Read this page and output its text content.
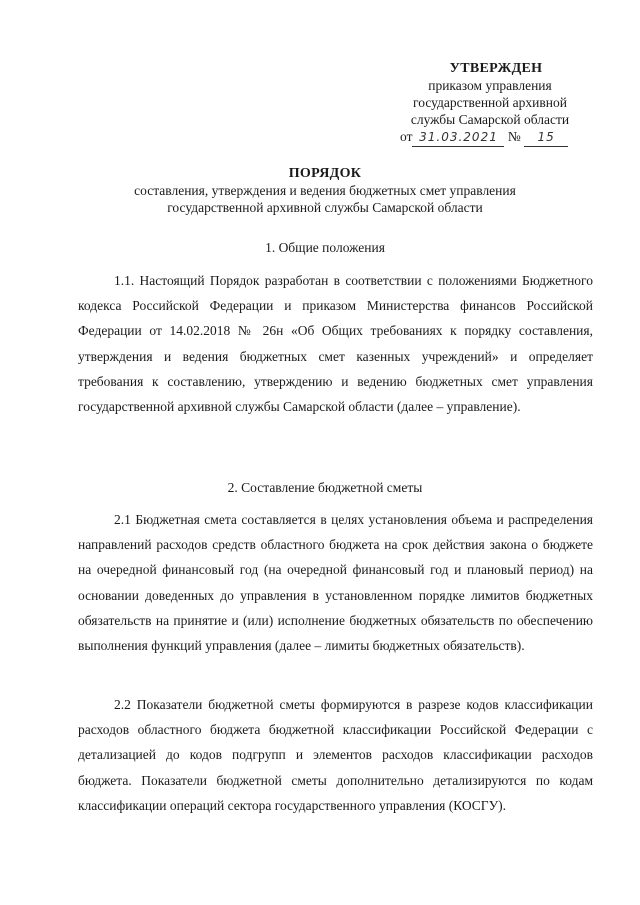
УТВЕРЖДЕН
приказом управления
государственной архивной
службы Самарской области
от 31.03.2021 № 15
ПОРЯДОК
составления, утверждения и ведения бюджетных смет управления
государственной архивной службы Самарской области
1. Общие положения

1.1. Настоящий Порядок разработан в соответствии с положениями Бюджетного кодекса Российской Федерации и приказом Министерства финансов Российской Федерации от 14.02.2018 № 26н «Об Общих требованиях к порядку составления, утверждения и ведения бюджетных смет казенных учреждений» и определяет требования к составлению, утверждению и ведению бюджетных смет управления государственной архивной службы Самарской области (далее – управление).

2. Составление бюджетной сметы

2.1 Бюджетная смета составляется в целях установления объема и распределения направлений расходов средств областного бюджета на срок действия закона о бюджете на очередной финансовый год (на очередной финансовый год и плановый период) на основании доведенных до управления в установленном порядке лимитов бюджетных обязательств на принятие и (или) исполнение бюджетных обязательств по обеспечению выполнения функций управления (далее – лимиты бюджетных обязательств).

2.2 Показатели бюджетной сметы формируются в разрезе кодов классификации расходов областного бюджета бюджетной классификации Российской Федерации с детализацией до кодов подгрупп и элементов расходов классификации расходов бюджета. Показатели бюджетной сметы дополнительно детализируются по кодам классификации операций сектора государственного управления (КОСГУ).
